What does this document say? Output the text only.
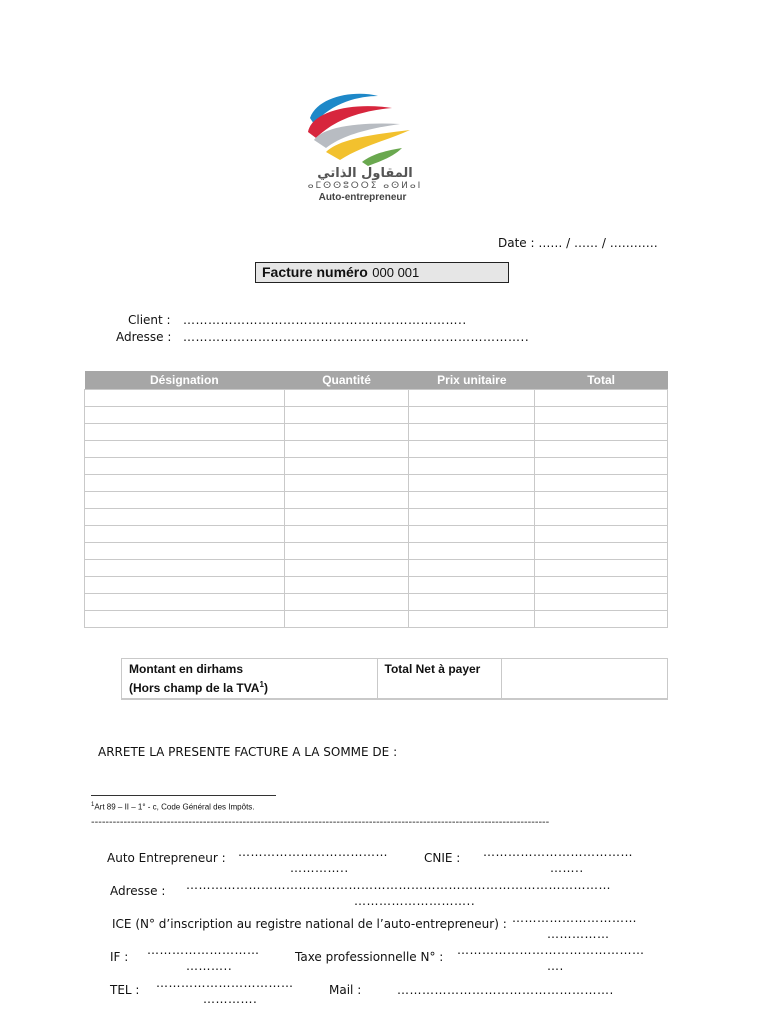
المقاول الذاتي
ⴰⵎⵙⵙⵓⵔⵔⵉ ⴰⵙⵍⴰⵏ
Auto-entrepreneur
Date : …… / …… / …………
Facture numéro 000 001
Client : …………………………………………………………..
Adresse : ………………………………………………………………………..
Désignation	Quantité	Prix unitaire	Total

Montant en dirhams
(Hors champ de la TVA$^1$)	Total Net à payer	
ARRETE LA PRESENTE FACTURE A LA SOMME DE :
$^1$Art 89 – II – 1° - c, Code Général des Impôts.
-------------------------------------------------------------------------------------------------------------------------------
Auto Entrepreneur : ………………………………
…………..
CNIE : ………………………………
……..
Adresse : …………………………………………………………………………………………
………………………..
ICE (N° d’inscription au registre national de l’auto-entrepreneur) : …………………………
……………
IF : ………………………
………..
Taxe professionnelle N° : ………………………………………
….
TEL : ……………………………
………….
Mail :	…………………………………………….
